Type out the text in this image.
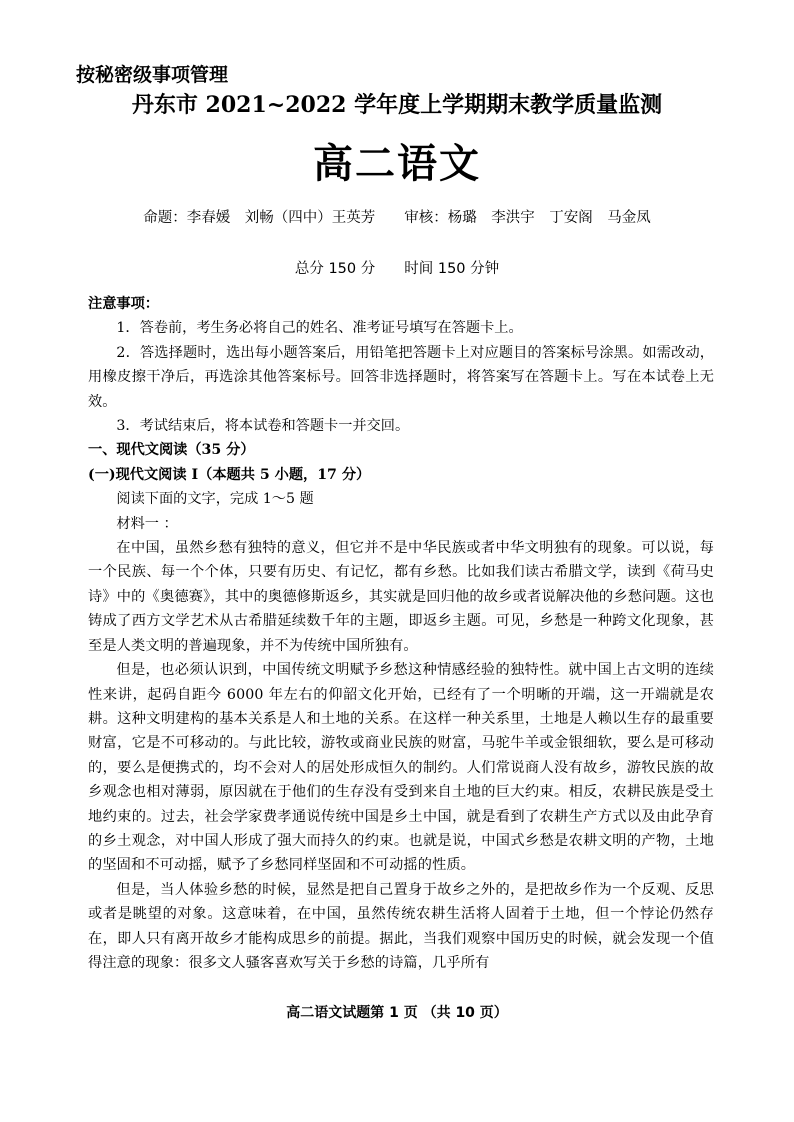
按秘密级事项管理
丹东市 2021~2022 学年度上学期期末教学质量监测
高二语文
命题：李春媛　刘畅（四中）王英芳　　审核：杨璐　李洪宇　丁安阁　马金凤
总分 150 分　　时间 150 分钟

注意事项：

1．答卷前，考生务必将自己的姓名、准考证号填写在答题卡上。

2．答选择题时，选出每小题答案后，用铅笔把答题卡上对应题目的答案标号涂黑。如需改动，用橡皮擦干净后，再选涂其他答案标号。回答非选择题时，将答案写在答题卡上。写在本试卷上无效。

3．考试结束后，将本试卷和答题卡一并交回。

一、现代文阅读（35 分）

(一)现代文阅读 I（本题共 5 小题，17 分）

阅读下面的文字，完成 1～5 题

材料一 ：

在中国，虽然乡愁有独特的意义，但它并不是中华民族或者中华文明独有的现象。可以说，每一个民族、每一个个体，只要有历史、有记忆，都有乡愁。比如我们读古希腊文学，读到《荷马史诗》中的《奥德赛》，其中的奥德修斯返乡，其实就是回归他的故乡或者说解决他的乡愁问题。这也铸成了西方文学艺术从古希腊延续数千年的主题，即返乡主题。可见，乡愁是一种跨文化现象，甚至是人类文明的普遍现象，并不为传统中国所独有。

但是，也必须认识到，中国传统文明赋予乡愁这种情感经验的独特性。就中国上古文明的连续性来讲，起码自距今 6000 年左右的仰韶文化开始，已经有了一个明晰的开端，这一开端就是农耕。这种文明建构的基本关系是人和土地的关系。在这样一种关系里，土地是人赖以生存的最重要财富，它是不可移动的。与此比较，游牧或商业民族的财富，马驼牛羊或金银细软，要么是可移动的，要么是便携式的，均不会对人的居处形成恒久的制约。人们常说商人没有故乡，游牧民族的故乡观念也相对薄弱，原因就在于他们的生存没有受到来自土地的巨大约束。相反，农耕民族是受土地约束的。过去，社会学家费孝通说传统中国是乡土中国，就是看到了农耕生产方式以及由此孕育的乡土观念，对中国人形成了强大而持久的约束。也就是说，中国式乡愁是农耕文明的产物，土地的坚固和不可动摇，赋予了乡愁同样坚固和不可动摇的性质。

但是，当人体验乡愁的时候，显然是把自己置身于故乡之外的，是把故乡作为一个反观、反思或者是眺望的对象。这意味着，在中国，虽然传统农耕生活将人固着于土地，但一个悖论仍然存在，即人只有离开故乡才能构成思乡的前提。据此，当我们观察中国历史的时候，就会发现一个值得注意的现象：很多文人骚客喜欢写关于乡愁的诗篇，几乎所有

高二语文试题第 1 页 （共 10 页）
